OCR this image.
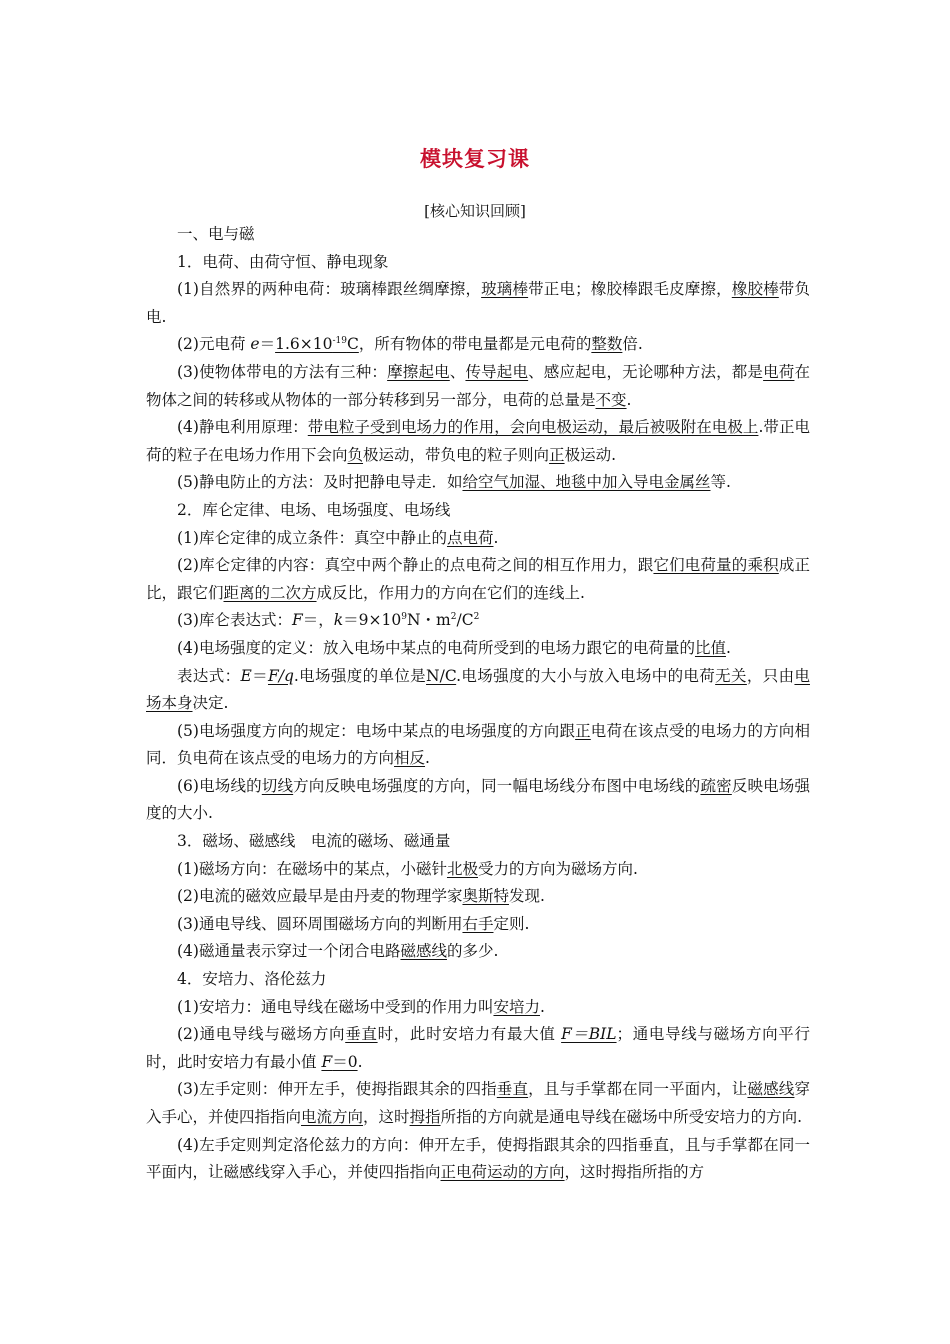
模块复习课
[核心知识回顾]

一、电与磁

1．电荷、由荷守恒、静电现象

(1)自然界的两种电荷：玻璃棒跟丝绸摩擦，玻璃棒带正电；橡胶棒跟毛皮摩擦，橡胶棒带负电.

(2)元电荷 $e=1.6\times 10^{-19}C$，所有物体的带电量都是元电荷的整数倍.

(3)使物体带电的方法有三种：摩擦起电、传导起电、感应起电，无论哪种方法，都是电荷在物体之间的转移或从物体的一部分转移到另一部分，电荷的总量是不变.

(4)静电利用原理：带电粒子受到电场力的作用，会向电极运动，最后被吸附在电极上.带正电荷的粒子在电场力作用下会向负极运动，带负电的粒子则向正极运动.

(5)静电防止的方法：及时把静电导走．如给空气加湿、地毯中加入导电金属丝等.

2．库仑定律、电场、电场强度、电场线

(1)库仑定律的成立条件：真空中静止的点电荷.

(2)库仑定律的内容：真空中两个静止的点电荷之间的相互作用力，跟它们电荷量的乘积成正比，跟它们距离的二次方成反比，作用力的方向在它们的连线上.

(3)库仑表达式：F＝，$k=9\times 10^9N$・$m^2/C^2$

(4)电场强度的定义：放入电场中某点的电荷所受到的电场力跟它的电荷量的比值.

表达式：E＝F/q.电场强度的单位是N/C.电场强度的大小与放入电场中的电荷无关，只由电场本身决定.

(5)电场强度方向的规定：电场中某点的电场强度的方向跟正电荷在该点受的电场力的方向相同．负电荷在该点受的电场力的方向相反.

(6)电场线的切线方向反映电场强度的方向，同一幅电场线分布图中电场线的疏密反映电场强度的大小.

3．磁场、磁感线　电流的磁场、磁通量

(1)磁场方向：在磁场中的某点，小磁针北极受力的方向为磁场方向.

(2)电流的磁效应最早是由丹麦的物理学家奥斯特发现.

(3)通电导线、圆环周围磁场方向的判断用右手定则.

(4)磁通量表示穿过一个闭合电路磁感线的多少.

4．安培力、洛伦兹力

(1)安培力：通电导线在磁场中受到的作用力叫安培力.

(2)通电导线与磁场方向垂直时，此时安培力有最大值 F＝BIL；通电导线与磁场方向平行时，此时安培力有最小值 F＝0.

(3)左手定则：伸开左手，使拇指跟其余的四指垂直，且与手掌都在同一平面内，让磁感线穿入手心，并使四指指向电流方向，这时拇指所指的方向就是通电导线在磁场中所受安培力的方向.

(4)左手定则判定洛伦兹力的方向：伸开左手，使拇指跟其余的四指垂直，且与手掌都在同一平面内，让磁感线穿入手心，并使四指指向正电荷运动的方向，这时拇指所指的方
